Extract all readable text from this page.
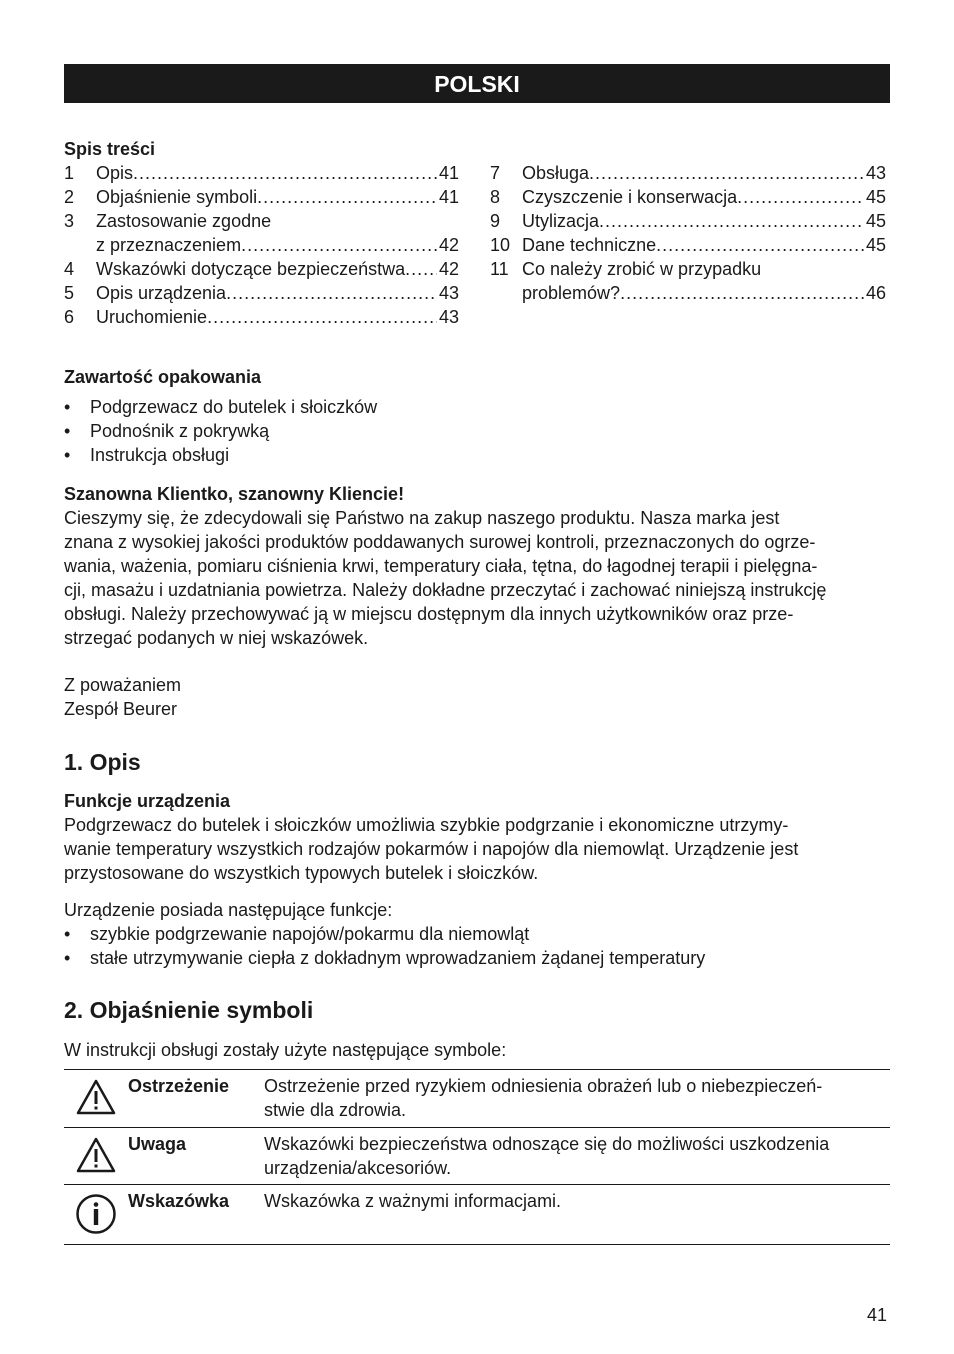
POLSKI
Spis treści
1	Opis .....	41
2	Objaśnienie symboli .....	41
3	Zastosowanie zgodne
z przeznaczeniem .....	42
4	Wskazówki dotyczące bezpieczeństwa ..... 42
5	Opis urządzenia .....	43
6	Uruchomienie .....	43
7	Obsługa .....	43
8	Czyszczenie i konserwacja .....	45
9	Utylizacja .....	45
10 Dane techniczne .....	45
11 Co należy zrobić w przypadku
problemów? .....	46
Zawartość opakowania
• Podgrzewacz do butelek i słoiczków
• Podnośnik z pokrywką
• Instrukcja obsługi
Szanowna Klientko, szanowny Kliencie!

Cieszymy się, że zdecydowali się Państwo na zakup naszego produktu. Nasza marka jest

znana z wysokiej jakości produktów poddawanych surowej kontroli, przeznaczonych do ogrze-

wania, ważenia, pomiaru ciśnienia krwi, temperatury ciała, tętna, do łagodnej terapii i pielęgna-

cji, masażu i uzdatniania powietrza. Należy dokładne przeczytać i zachować niniejszą instrukcję

obsługi. Należy przechowywać ją w miejscu dostępnym dla innych użytkowników oraz prze-

strzegać podanych w niej wskazówek.

Z poważaniem
Zespół Beurer
1. Opis
Funkcje urządzenia

Podgrzewacz do butelek i słoiczków umożliwia szybkie podgrzanie i ekonomiczne utrzymy-

wanie temperatury wszystkich rodzajów pokarmów i napojów dla niemowląt. Urządzenie jest

przystosowane do wszystkich typowych butelek i słoiczków.

Urządzenie posiada następujące funkcje:
• szybkie podgrzewanie napojów/pokarmu dla niemowląt
• stałe utrzymywanie ciepła z dokładnym wprowadzaniem żądanej temperatury
2. Objaśnienie symboli
W instrukcji obsługi zostały użyte następujące symbole:
Ostrzeżenie	Ostrzeżenie przed ryzykiem odniesienia obrażeń lub o niebezpieczeń-

stwie dla zdrowia.

Uwaga	Wskazówki bezpieczeństwa odnoszące się do możliwości uszkodzenia

urządzenia/akcesoriów.

Wskazówka	Wskazówka z ważnymi informacjami.

41
